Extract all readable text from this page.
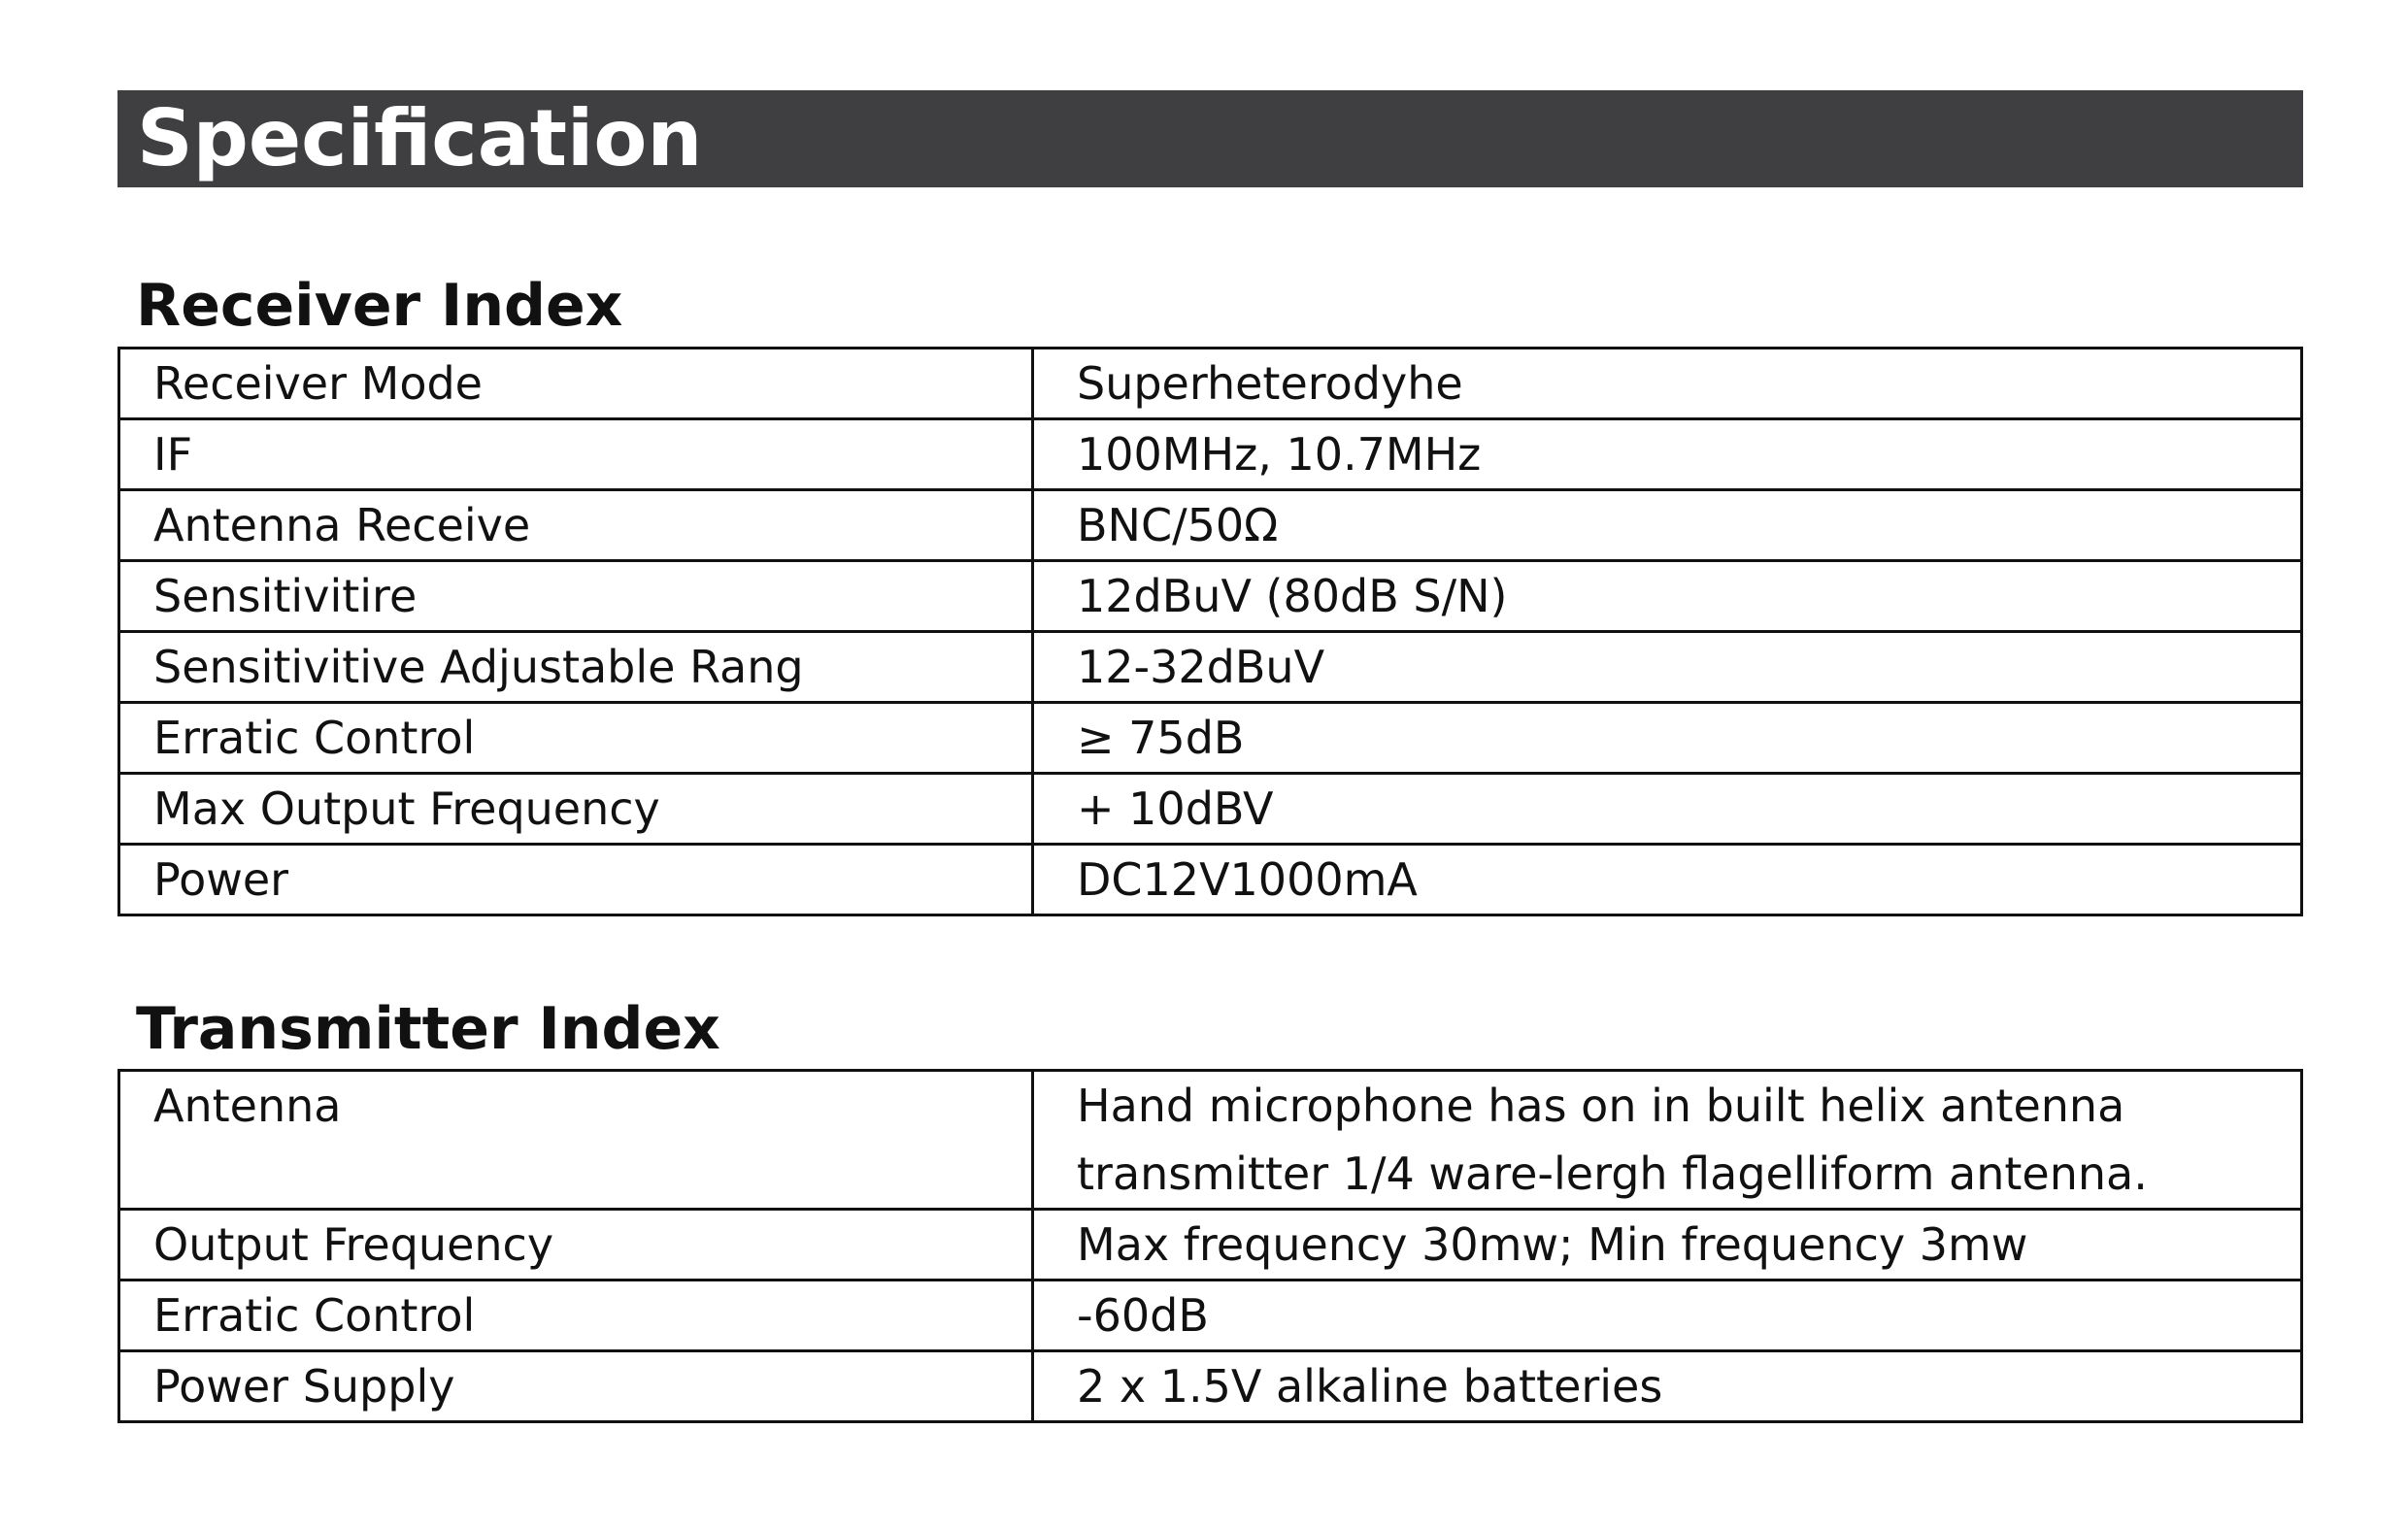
Specification
Receiver Index
Receiver Mode	Superheterodyhe
IF	100MHz, 10.7MHz
Antenna Receive	BNC/50Ω
Sensitivitire	12dBuV (80dB S/N)
Sensitivitive Adjustable Rang	12-32dBuV
Erratic Control	≥ 75dB
Max Output Frequency	+ 10dBV
Power	DC12V1000mA
Transmitter Index
Antenna	Hand microphone has on in built helix antenna
transmitter 1/4 ware-lergh flagelliform antenna.

Output Frequency	Max frequency 30mw; Min frequency 3mw
Erratic Control	-60dB
Power Supply	2 x 1.5V alkaline batteries
